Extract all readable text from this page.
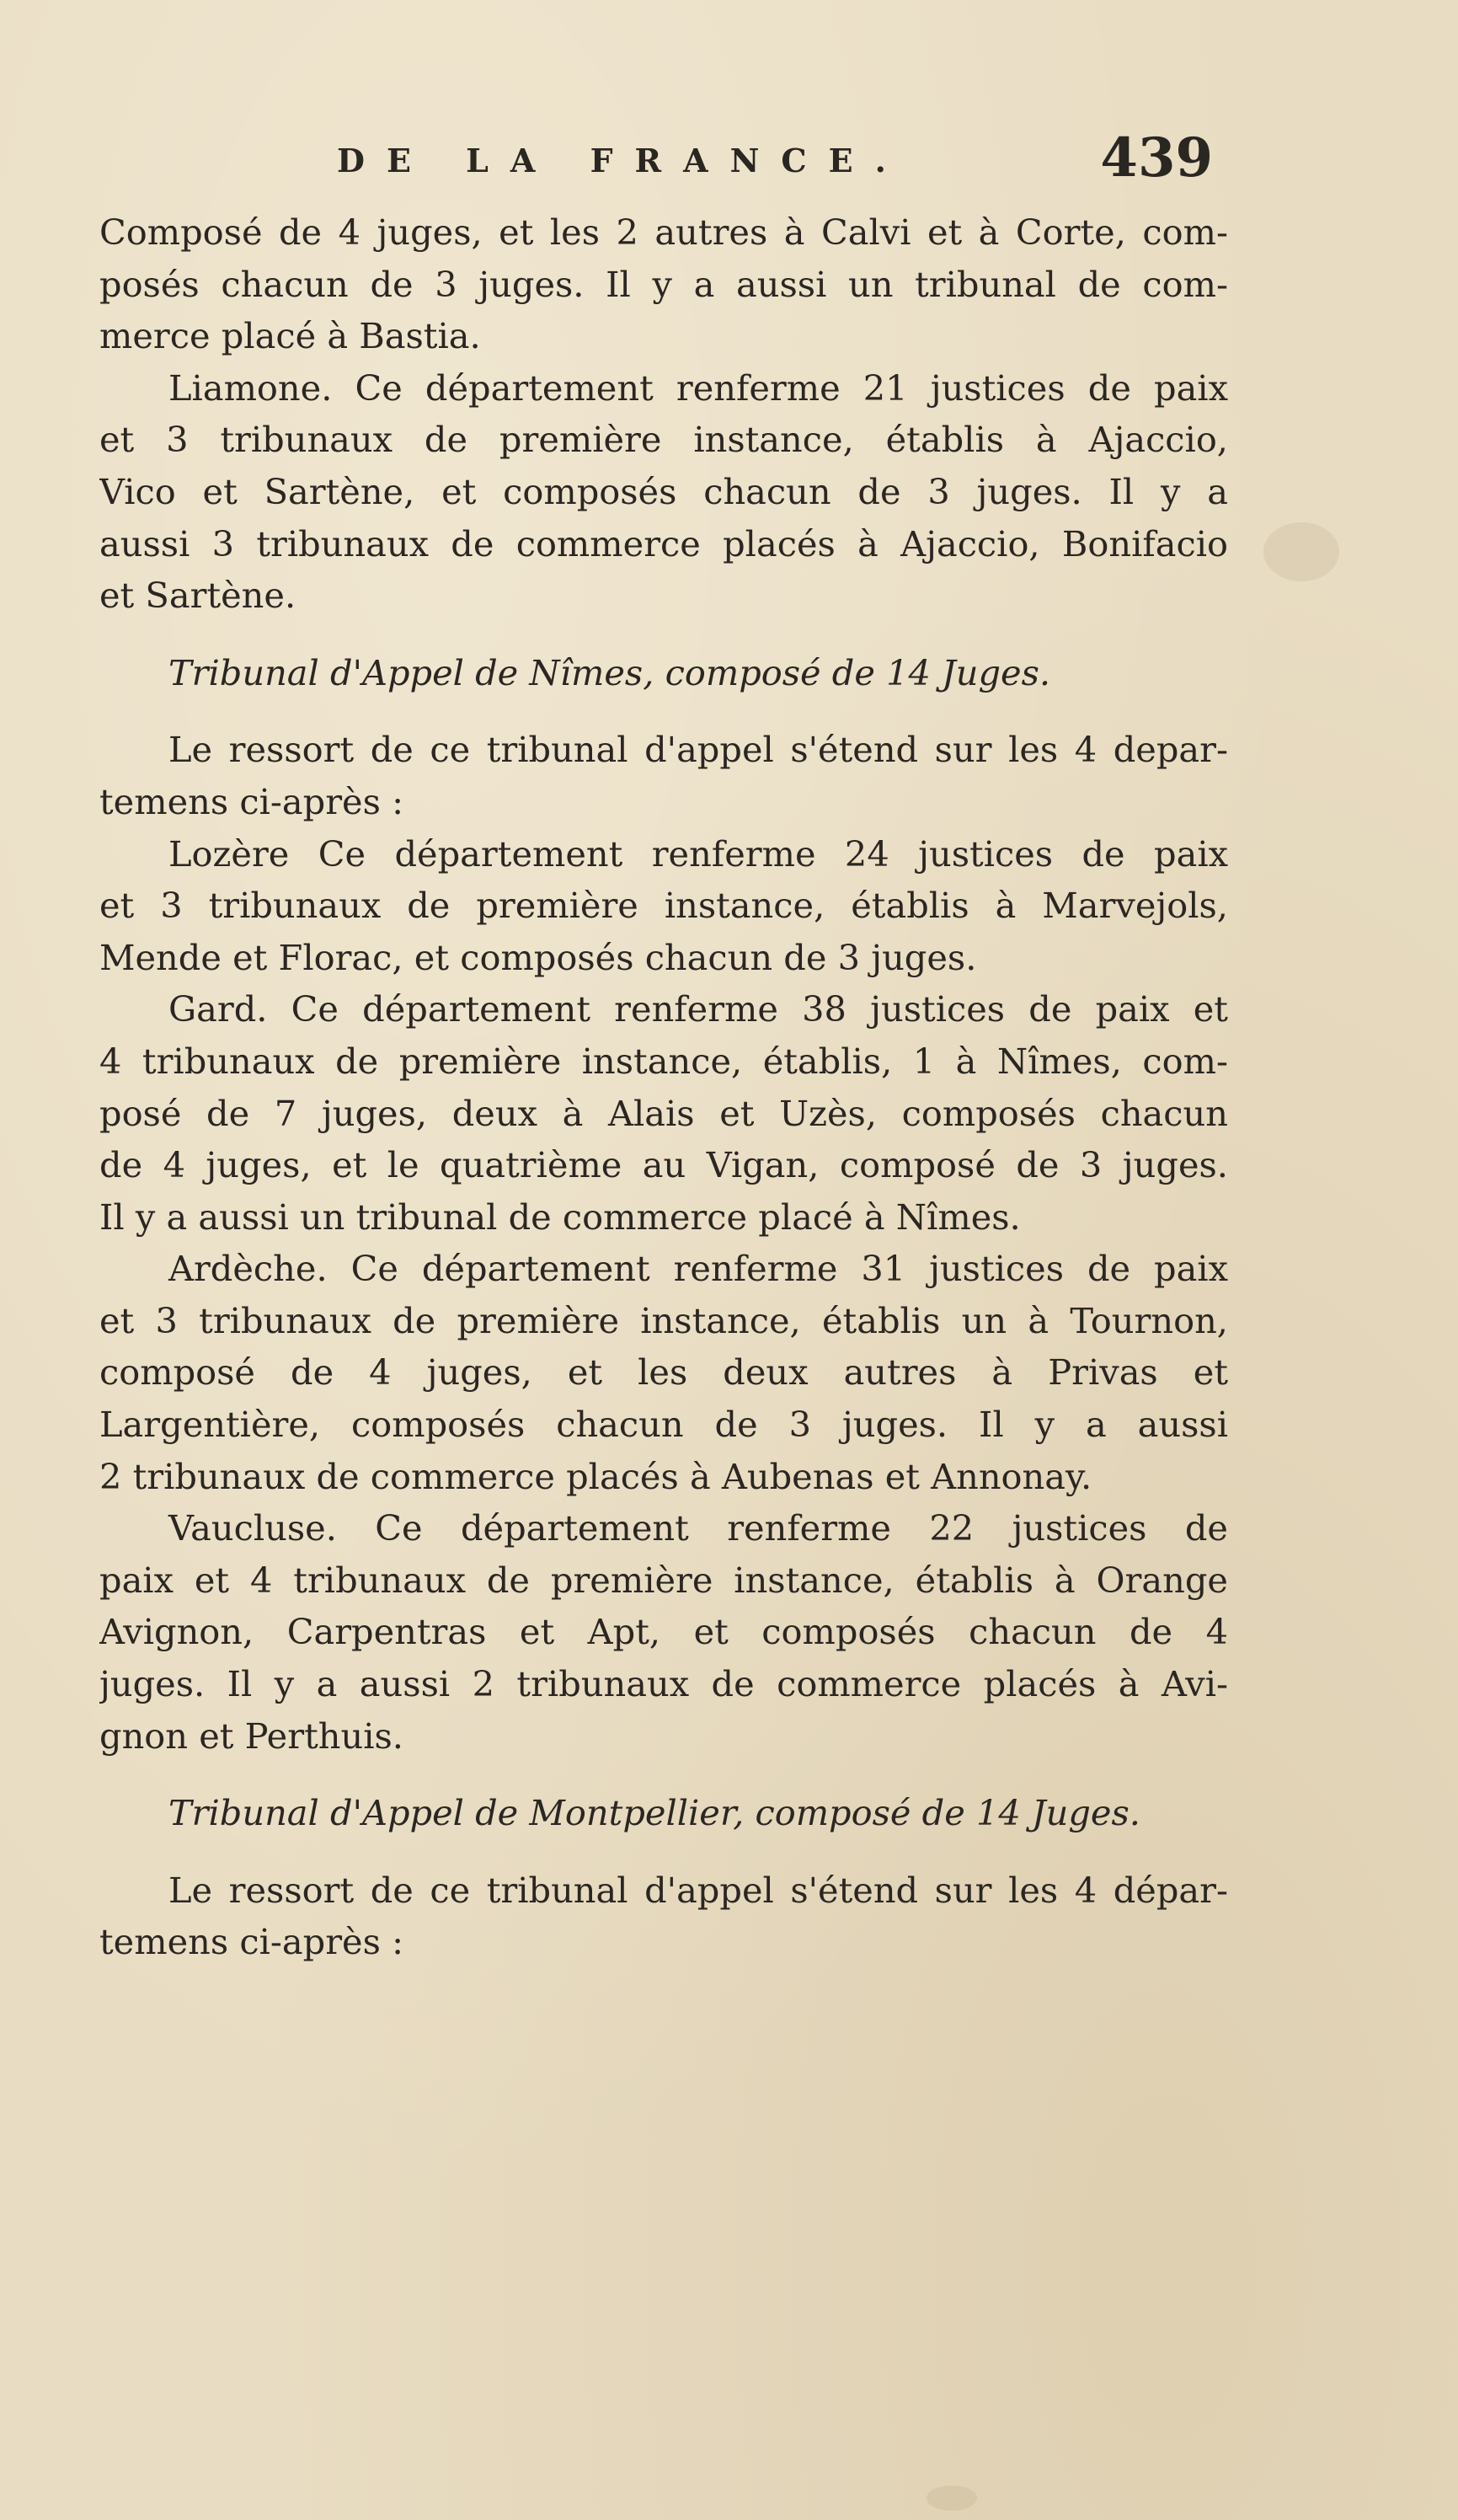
DE LA FRANCE.	439
Composé de 4 juges, et les 2 autres à Calvi et à Corte, com-
posés chacun de 3 juges. Il y a aussi un tribunal de com-
merce placé à Bastia.
Liamone. Ce département renferme 21 justices de paix
et 3 tribunaux de première instance, établis à Ajaccio,
Vico et Sartène, et composés chacun de 3 juges. Il y a
aussi 3 tribunaux de commerce placés à Ajaccio, Bonifacio
et Sartène.
Tribunal d'Appel de Nîmes, composé de 14 Juges.
Le ressort de ce tribunal d'appel s'étend sur les 4 depar-
temens ci-après :
Lozère Ce département renferme 24 justices de paix
et 3 tribunaux de première instance, établis à Marvejols,
Mende et Florac, et composés chacun de 3 juges.
Gard. Ce département renferme 38 justices de paix et
4 tribunaux de première instance, établis, 1 à Nîmes, com-
posé de 7 juges, deux à Alais et Uzès, composés chacun
de 4 juges, et le quatrième au Vigan, composé de 3 juges.
Il y a aussi un tribunal de commerce placé à Nîmes.
Ardèche. Ce département renferme 31 justices de paix
et 3 tribunaux de première instance, établis un à Tournon,
composé de 4 juges, et les deux autres à Privas et
Largentière, composés chacun de 3 juges. Il y a aussi
2 tribunaux de commerce placés à Aubenas et Annonay.
Vaucluse. Ce département renferme 22 justices de
paix et 4 tribunaux de première instance, établis à Orange
Avignon, Carpentras et Apt, et composés chacun de 4
juges. Il y a aussi 2 tribunaux de commerce placés à Avi-
gnon et Perthuis.
Tribunal d'Appel de Montpellier, composé de 14 Juges.
Le ressort de ce tribunal d'appel s'étend sur les 4 dépar-
temens ci-après :
